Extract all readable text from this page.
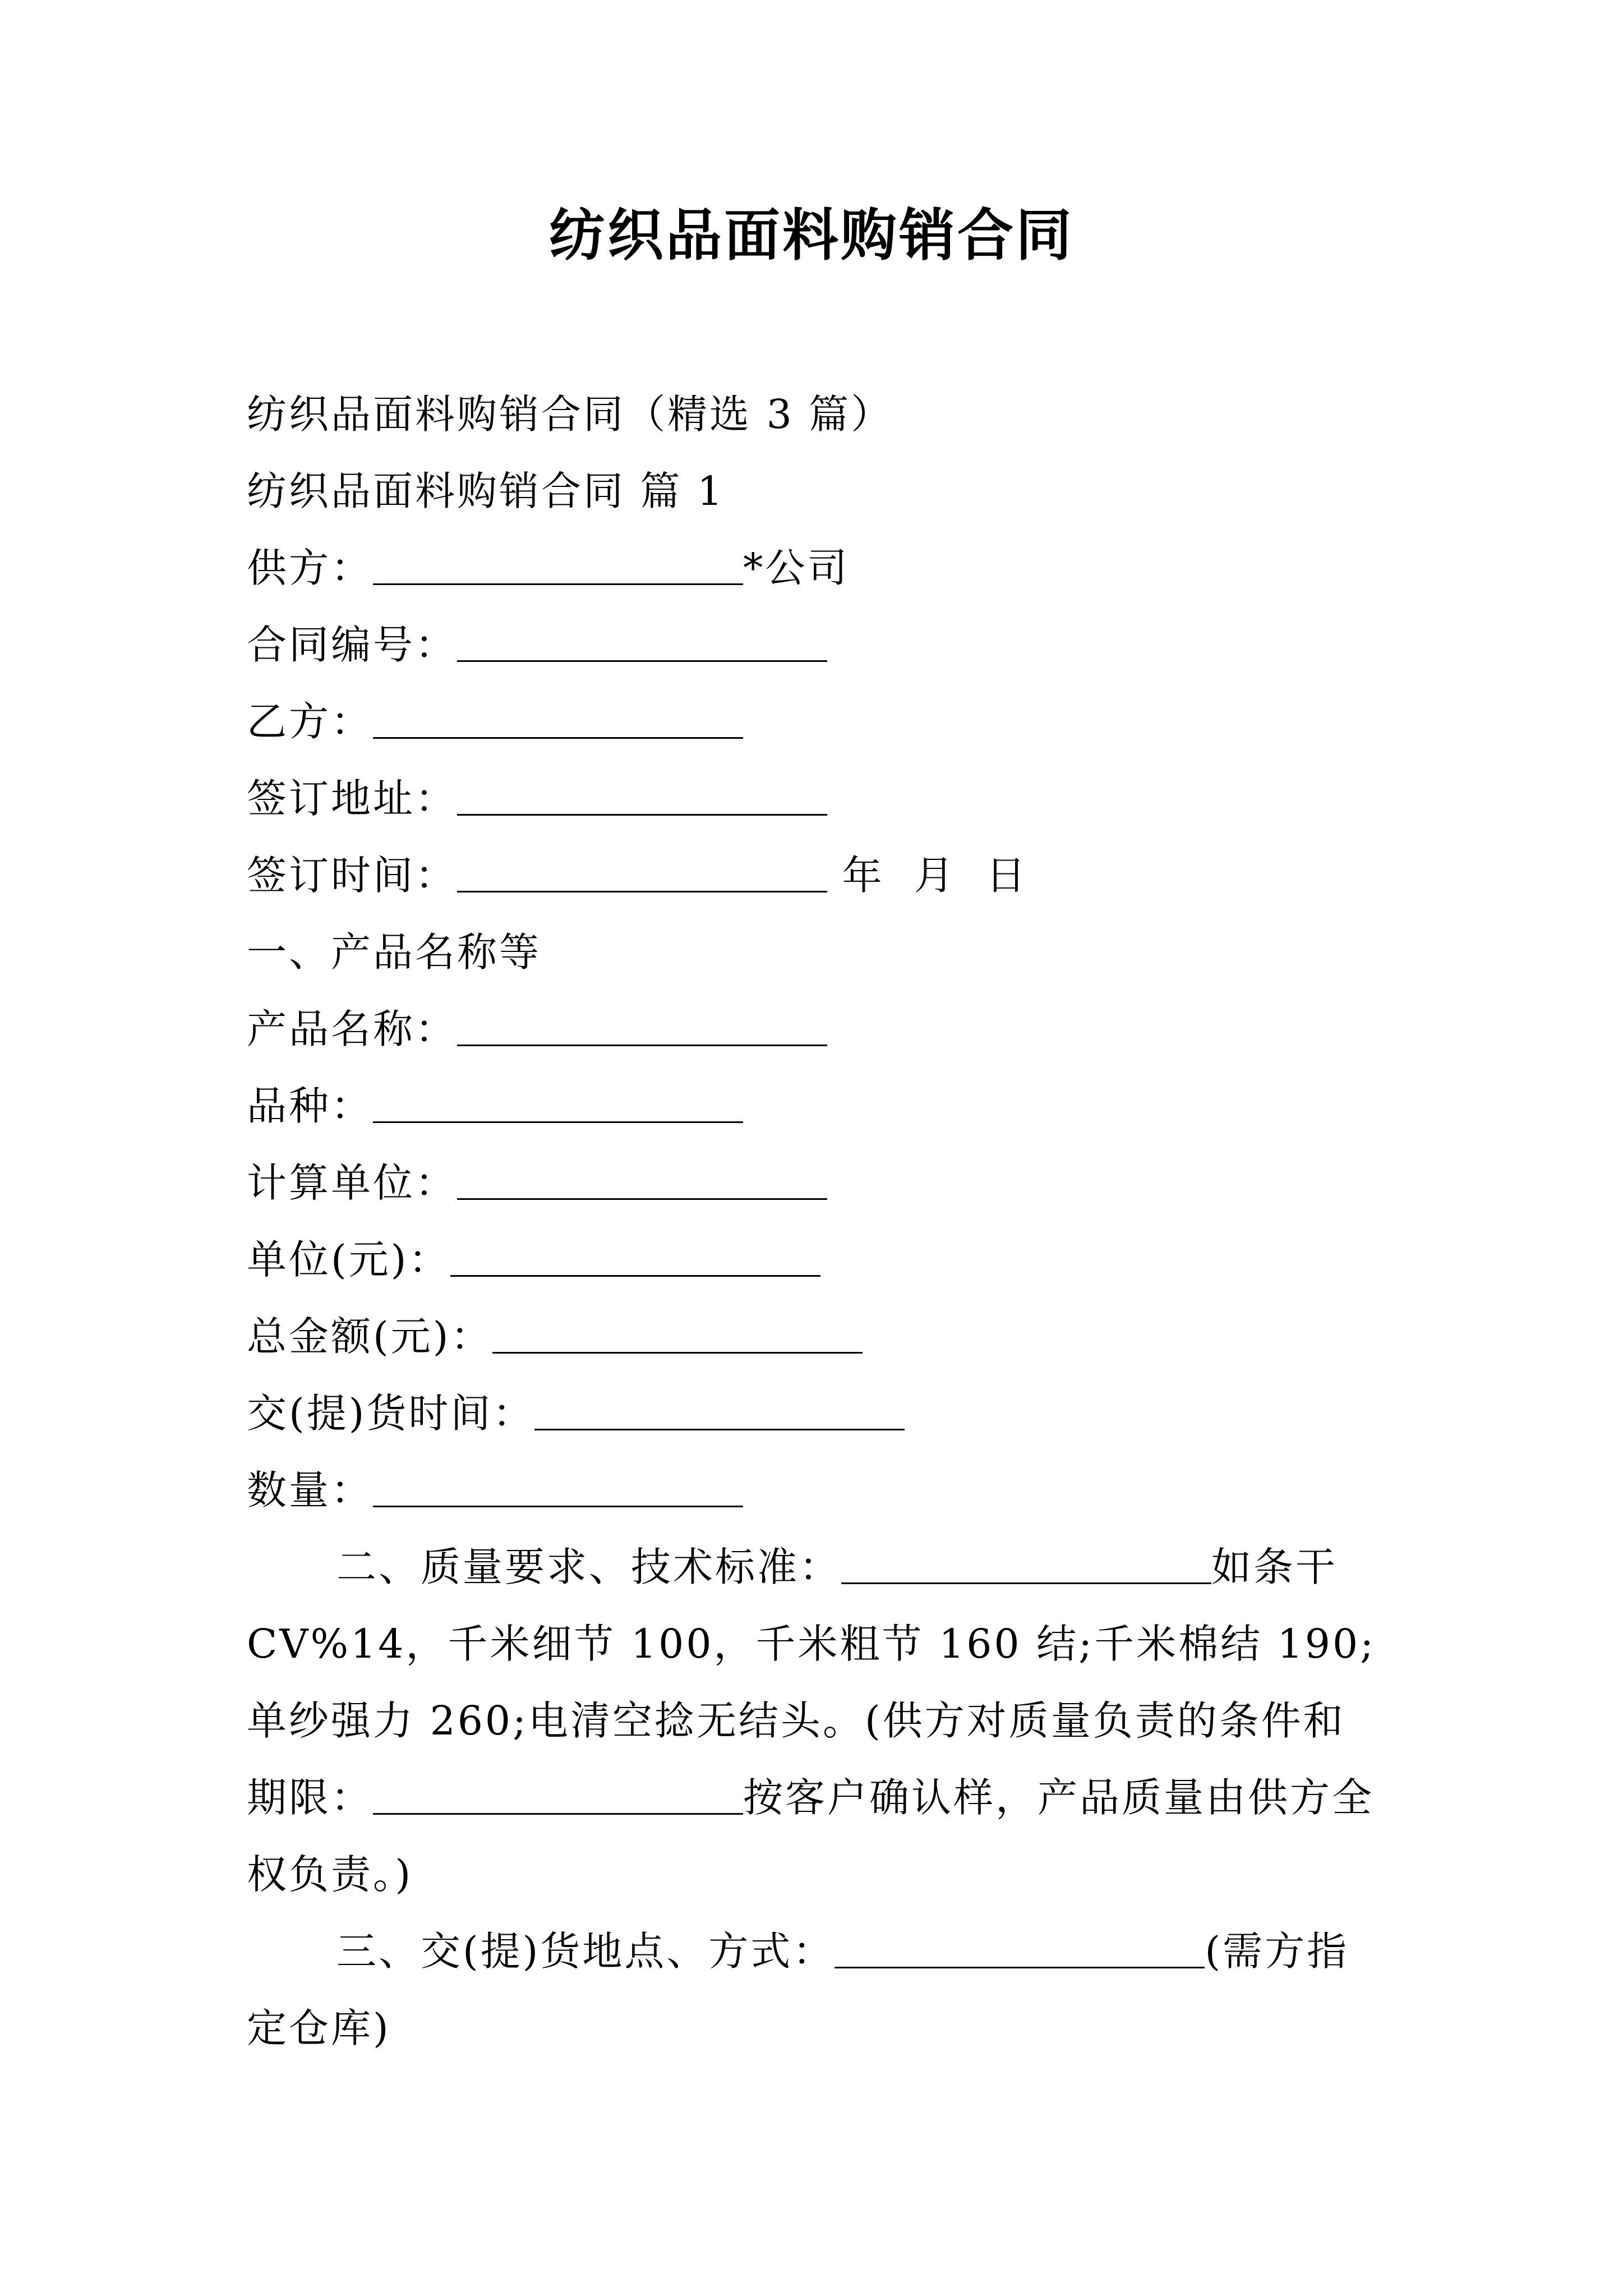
纺织品面料购销合同
纺织品面料购销合同（精选 3 篇）
纺织品面料购销合同 篇 1
供方：	*公司
合同编号：
乙方：
签订地址：
签订时间：	年  月  日
一、产品名称等
产品名称：
品种：
计算单位：
单位(元)：
总金额(元)：
交(提)货时间：
数量：
二、质量要求、技术标准：	如条干 CV%14，千米细节 100，千米粗节 160 结;千米棉结 190;单纱强力 260;电清空捻无结头。(供方对质量负责的条件和期限：	按客户确认样，产品质量由供方全权负责。)
三、交(提)货地点、方式：	(需方指定仓库)
